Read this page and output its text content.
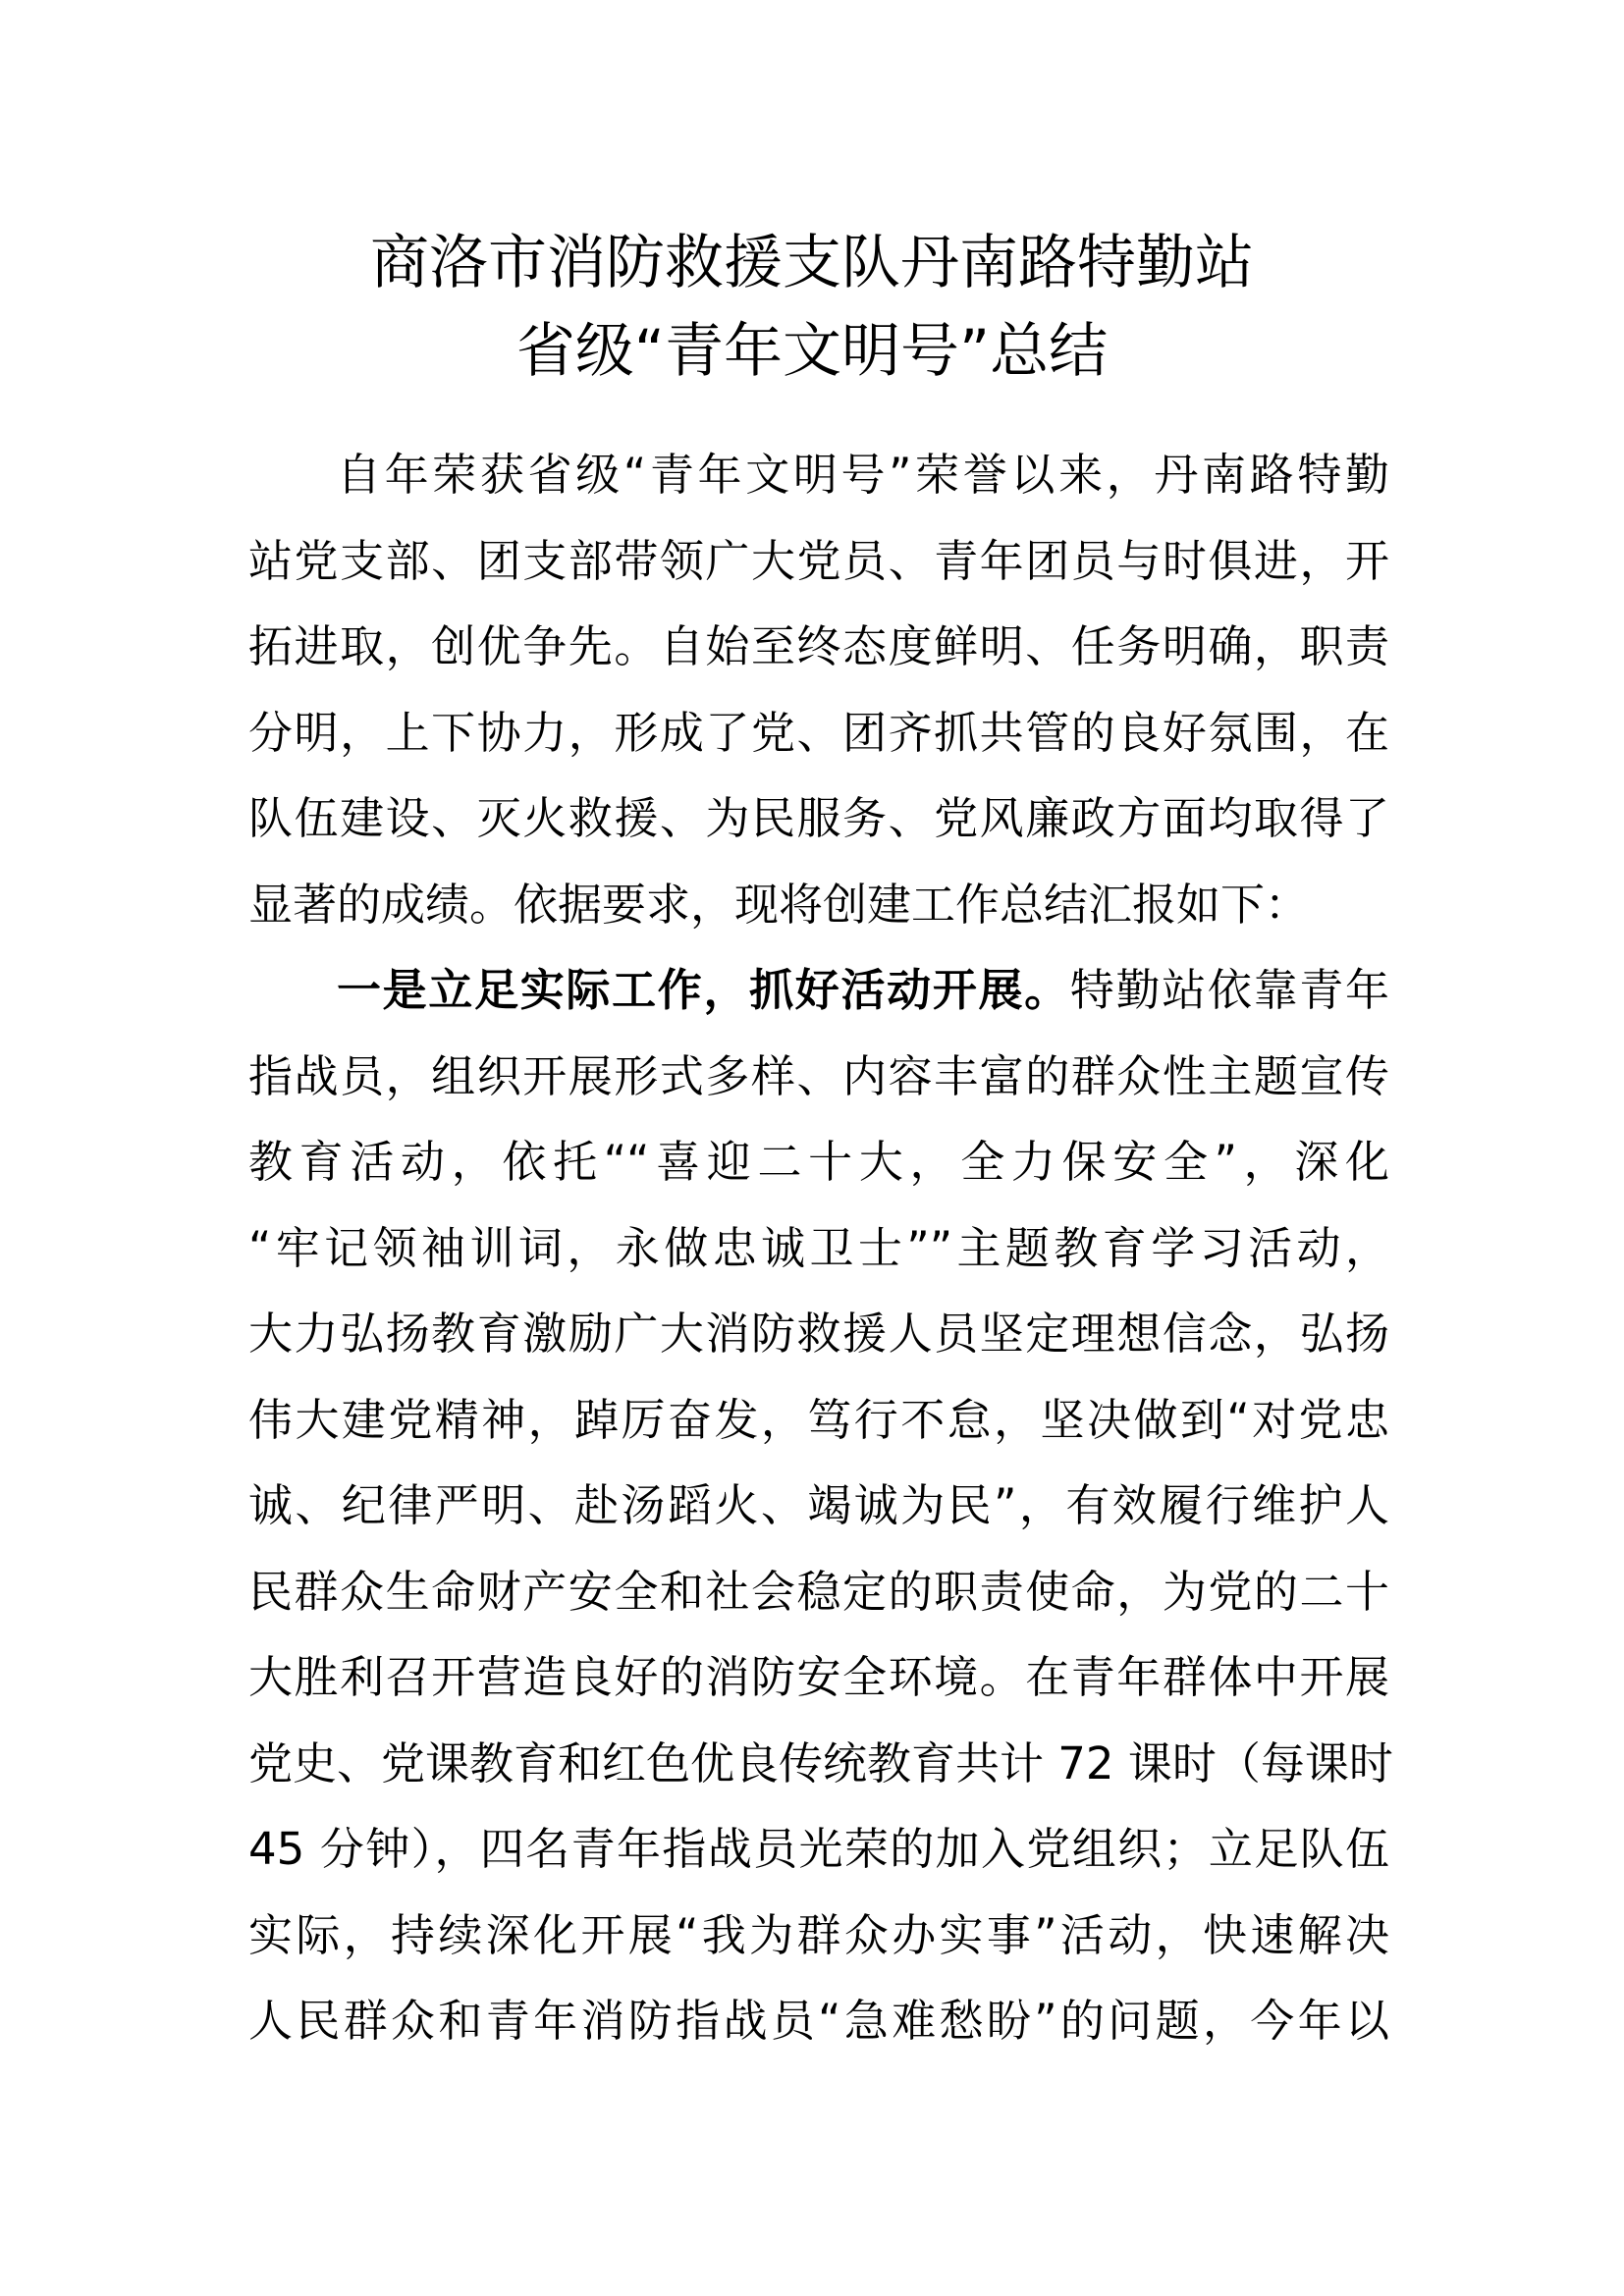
商洛市消防救援支队丹南路特勤站
省级“青年文明号”总结
自年荣获省级“青年文明号”荣誉以来，丹南路特勤
站党支部、团支部带领广大党员、青年团员与时俱进，开
拓进取，创优争先。自始至终态度鲜明、任务明确，职责
分明，上下协力，形成了党、团齐抓共管的良好氛围，在
队伍建设、灭火救援、为民服务、党风廉政方面均取得了
显著的成绩。依据要求，现将创建工作总结汇报如下：
一是立足实际工作，抓好活动开展。特勤站依靠青年
指战员，组织开展形式多样、内容丰富的群众性主题宣传
教育活动，依托““喜迎二十大，全力保安全”，深化
“牢记领袖训词，永做忠诚卫士””主题教育学习活动，
大力弘扬教育激励广大消防救援人员坚定理想信念，弘扬
伟大建党精神，踔厉奋发，笃行不怠，坚决做到“对党忠
诚、纪律严明、赴汤蹈火、竭诚为民”，有效履行维护人
民群众生命财产安全和社会稳定的职责使命，为党的二十
大胜利召开营造良好的消防安全环境。在青年群体中开展
党史、党课教育和红色优良传统教育共计 72 课时（每课时
45 分钟），四名青年指战员光荣的加入党组织；立足队伍
实际，持续深化开展“我为群众办实事”活动，快速解决
人民群众和青年消防指战员“急难愁盼”的问题，今年以
